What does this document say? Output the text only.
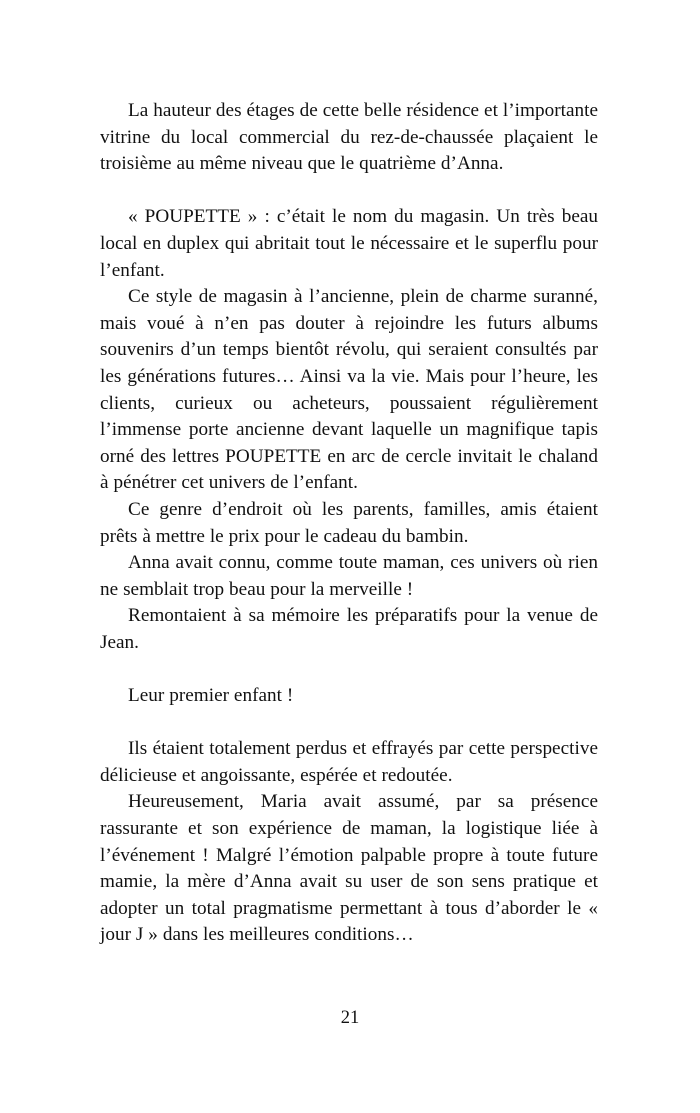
La hauteur des étages de cette belle résidence et l’importante vitrine du local commercial du rez-de-chaussée plaçaient le troisième au même niveau que le quatrième d’Anna.

« POUPETTE » : c’était le nom du magasin. Un très beau local en duplex qui abritait tout le nécessaire et le superflu pour l’enfant.

Ce style de magasin à l’ancienne, plein de charme suranné, mais voué à n’en pas douter à rejoindre les futurs albums souvenirs d’un temps bientôt révolu, qui seraient consultés par les générations futures… Ainsi va la vie. Mais pour l’heure, les clients, curieux ou acheteurs, poussaient régulièrement l’immense porte ancienne devant laquelle un magnifique tapis orné des lettres POUPETTE en arc de cercle invitait le chaland à pénétrer cet univers de l’enfant.

Ce genre d’endroit où les parents, familles, amis étaient prêts à mettre le prix pour le cadeau du bambin.

Anna avait connu, comme toute maman, ces univers où rien ne semblait trop beau pour la merveille !

Remontaient à sa mémoire les préparatifs pour la venue de Jean.

Leur premier enfant !

Ils étaient totalement perdus et effrayés par cette perspective délicieuse et angoissante, espérée et redoutée.

Heureusement, Maria avait assumé, par sa présence rassurante et son expérience de maman, la logistique liée à l’événement ! Malgré l’émotion palpable propre à toute future mamie, la mère d’Anna avait su user de son sens pratique et adopter un total pragmatisme permettant à tous d’aborder le « jour J » dans les meilleures conditions…

21
